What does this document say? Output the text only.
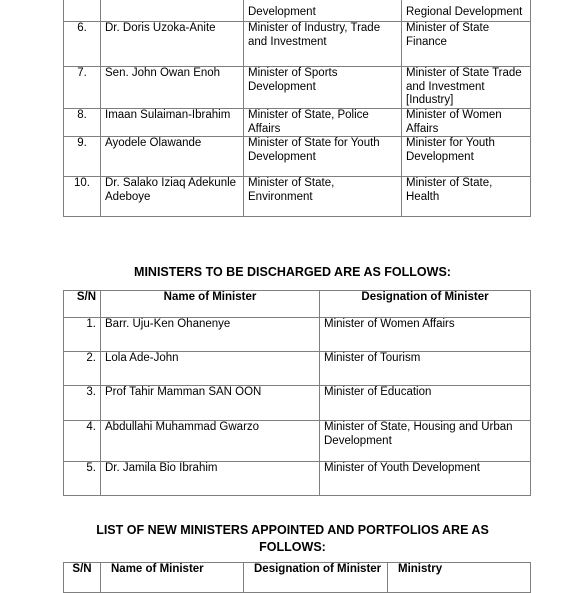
		Development	Regional Development
6.	Dr. Doris Uzoka-Anite	Minister of Industry, Trade and Investment	Minister of State Finance
7.	Sen. John Owan Enoh	Minister of Sports Development	Minister of State Trade and Investment [Industry]
8.	Imaan Sulaiman-Ibrahim	Minister of State, Police Affairs	Minister of Women Affairs
9.	Ayodele Olawande	Minister of State for Youth Development	Minister for Youth Development
10.	Dr. Salako Iziaq Adekunle Adeboye	Minister of State, Environment	Minister of State, Health

MINISTERS TO BE DISCHARGED ARE AS FOLLOWS:

S/N	Name of Minister	Designation of Minister
1.	Barr. Uju-Ken Ohanenye	Minister of Women Affairs
2.	Lola Ade-John	Minister of Tourism
3.	Prof Tahir Mamman SAN OON	Minister of Education
4.	Abdullahi Muhammad Gwarzo	Minister of State, Housing and Urban Development
5.	Dr. Jamila Bio Ibrahim	Minister of Youth Development

LIST OF NEW MINISTERS APPOINTED AND PORTFOLIOS ARE AS FOLLOWS:

S/N	Name of Minister	Designation of Minister	Ministry
